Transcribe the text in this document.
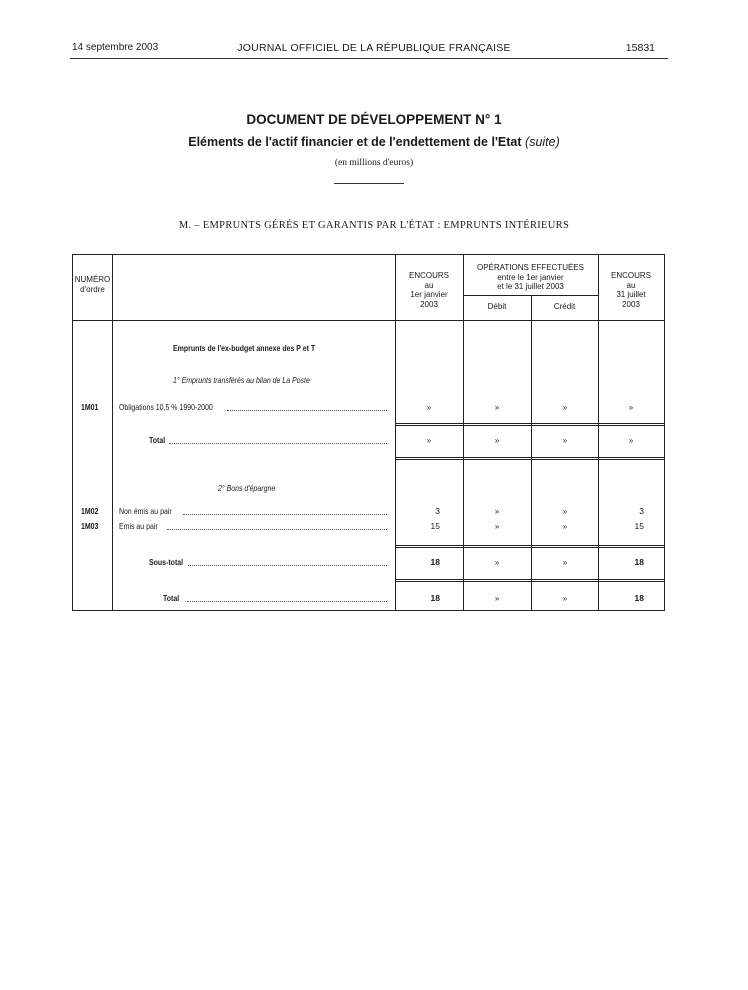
14 septembre 2003	JOURNAL OFFICIEL DE LA RÉPUBLIQUE FRANÇAISE	15831
DOCUMENT DE DÉVELOPPEMENT N° 1
Eléments de l'actif financier et de l'endettement de l'Etat (suite)
(en millions d'euros)
M. – EMPRUNTS GÉRÉS ET GARANTIS PAR L'ÉTAT : EMPRUNTS INTÉRIEURS
NUMÉRO
d'ordre
ENCOURS
au
1er janvier
2003
OPÉRATIONS EFFECTUÉES
entre le 1er janvier
et le 31 juillet 2003
Débit	Crédit
ENCOURS
au
31 juillet
2003
Emprunts de l'ex-budget annexe des P et T
1° Emprunts transférés au bilan de La Poste
2° Bons d'épargne
1M01 Obligations 10,5 % 1990-2000	»	»	»	»
Total	»	»	»	»
1M02 Non émis au pair	3	»	»	3
1M03 Emis au pair	15	»	»	15
Sous-total	18	»	»	18
Total	18	»	»	18
